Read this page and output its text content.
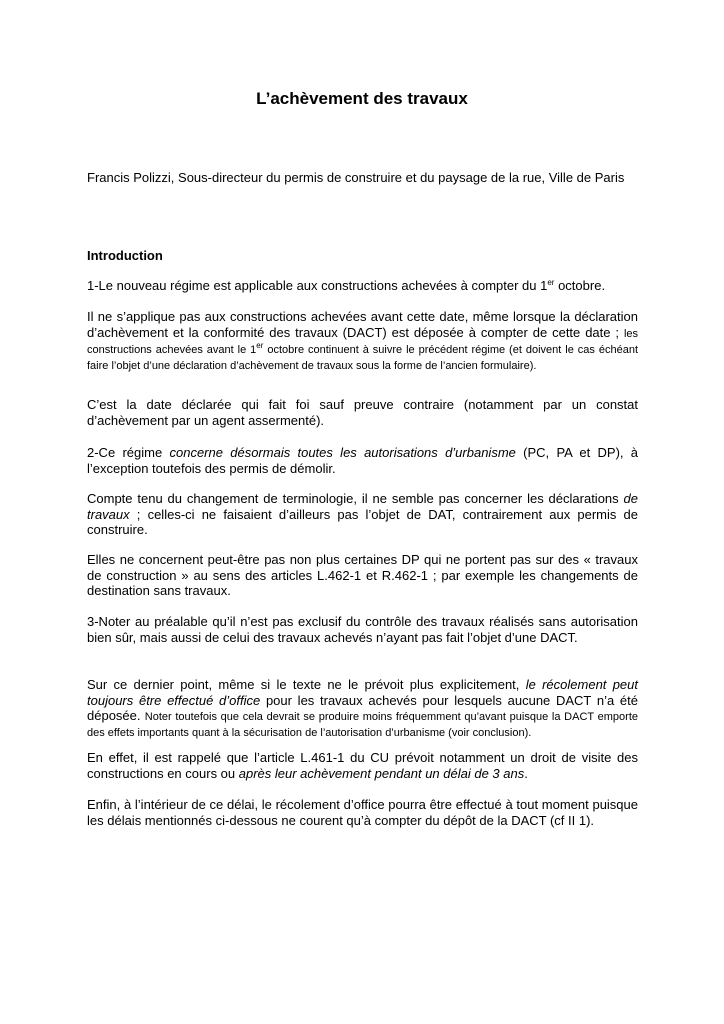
L’achèvement des travaux

Francis Polizzi, Sous-directeur du permis de construire et du paysage de la rue, Ville de Paris

Introduction

1-Le nouveau régime est applicable aux constructions achevées à compter du 1er octobre.

Il ne s’applique pas aux constructions achevées avant cette date, même lorsque la déclaration d’achèvement et la conformité des travaux (DACT) est déposée à compter de cette date ; les constructions achevées avant le 1er octobre continuent à suivre le précédent régime (et doivent le cas échéant faire l’objet d’une déclaration d’achèvement de travaux sous la forme de l’ancien formulaire).

C’est la date déclarée qui fait foi sauf preuve contraire (notamment par un constat d’achèvement par un agent assermenté).

2-Ce régime concerne désormais toutes les autorisations d’urbanisme (PC, PA et DP), à l’exception toutefois des permis de démolir.

Compte tenu du changement de terminologie, il ne semble pas concerner les déclarations de travaux ; celles-ci ne faisaient d’ailleurs pas l’objet de DAT, contrairement aux permis de construire.

Elles ne concernent peut-être pas non plus certaines DP qui ne portent pas sur des « travaux de construction » au sens des articles L.462-1 et R.462-1 ; par exemple les changements de destination sans travaux.

3-Noter au préalable qu’il n’est pas exclusif du contrôle des travaux réalisés sans autorisation bien sûr, mais aussi de celui des travaux achevés n’ayant pas fait l’objet d’une DACT.

Sur ce dernier point, même si le texte ne le prévoit plus explicitement, le récolement peut toujours être effectué d’office pour les travaux achevés pour lesquels aucune DACT n’a été déposée. Noter toutefois que cela devrait se produire moins fréquemment qu’avant puisque la DACT emporte des effets importants quant à la sécurisation de l’autorisation d’urbanisme (voir conclusion).

En effet, il est rappelé que l’article L.461-1 du CU prévoit notamment un droit de visite des constructions en cours ou après leur achèvement pendant un délai de 3 ans.

Enfin, à l’intérieur de ce délai, le récolement d’office pourra être effectué à tout moment puisque les délais mentionnés ci-dessous ne courent qu’à compter du dépôt de la DACT (cf II 1).
